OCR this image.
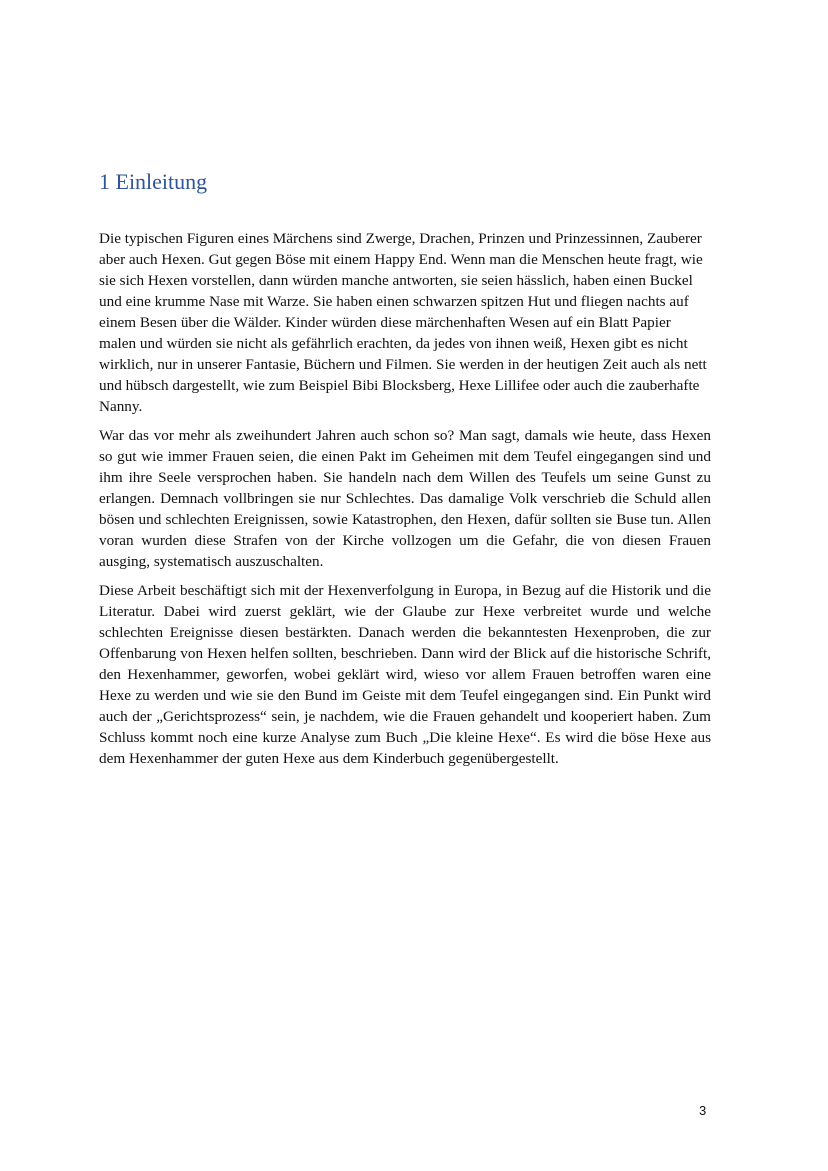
1 Einleitung

Die typischen Figuren eines Märchens sind Zwerge, Drachen, Prinzen und Prinzessinnen, Zauberer aber auch Hexen. Gut gegen Böse mit einem Happy End. Wenn man die Menschen heute fragt, wie sie sich Hexen vorstellen, dann würden manche antworten, sie seien hässlich, haben einen Buckel und eine krumme Nase mit Warze. Sie haben einen schwarzen spitzen Hut und fliegen nachts auf einem Besen über die Wälder. Kinder würden diese märchenhaften Wesen auf ein Blatt Papier malen und würden sie nicht als gefährlich erachten, da jedes von ihnen weiß, Hexen gibt es nicht wirklich, nur in unserer Fantasie, Büchern und Filmen. Sie werden in der heutigen Zeit auch als nett und hübsch dargestellt, wie zum Beispiel Bibi Blocksberg, Hexe Lillifee oder auch die zauberhafte Nanny.

War das vor mehr als zweihundert Jahren auch schon so? Man sagt, damals wie heute, dass Hexen so gut wie immer Frauen seien, die einen Pakt im Geheimen mit dem Teufel eingegangen sind und ihm ihre Seele versprochen haben. Sie handeln nach dem Willen des Teufels um seine Gunst zu erlangen. Demnach vollbringen sie nur Schlechtes. Das damalige Volk verschrieb die Schuld allen bösen und schlechten Ereignissen, sowie Katastrophen, den Hexen, dafür sollten sie Buse tun. Allen voran wurden diese Strafen von der Kirche vollzogen um die Gefahr, die von diesen Frauen ausging, systematisch auszuschalten.

Diese Arbeit beschäftigt sich mit der Hexenverfolgung in Europa, in Bezug auf die Historik und die Literatur. Dabei wird zuerst geklärt, wie der Glaube zur Hexe verbreitet wurde und welche schlechten Ereignisse diesen bestärkten. Danach werden die bekanntesten Hexenproben, die zur Offenbarung von Hexen helfen sollten, beschrieben. Dann wird der Blick auf die historische Schrift, den Hexenhammer, geworfen, wobei geklärt wird, wieso vor allem Frauen betroffen waren eine Hexe zu werden und wie sie den Bund im Geiste mit dem Teufel eingegangen sind. Ein Punkt wird auch der „Gerichtsprozess“ sein, je nachdem, wie die Frauen gehandelt und kooperiert haben. Zum Schluss kommt noch eine kurze Analyse zum Buch „Die kleine Hexe“. Es wird die böse Hexe aus dem Hexenhammer der guten Hexe aus dem Kinderbuch gegenübergestellt.

3
